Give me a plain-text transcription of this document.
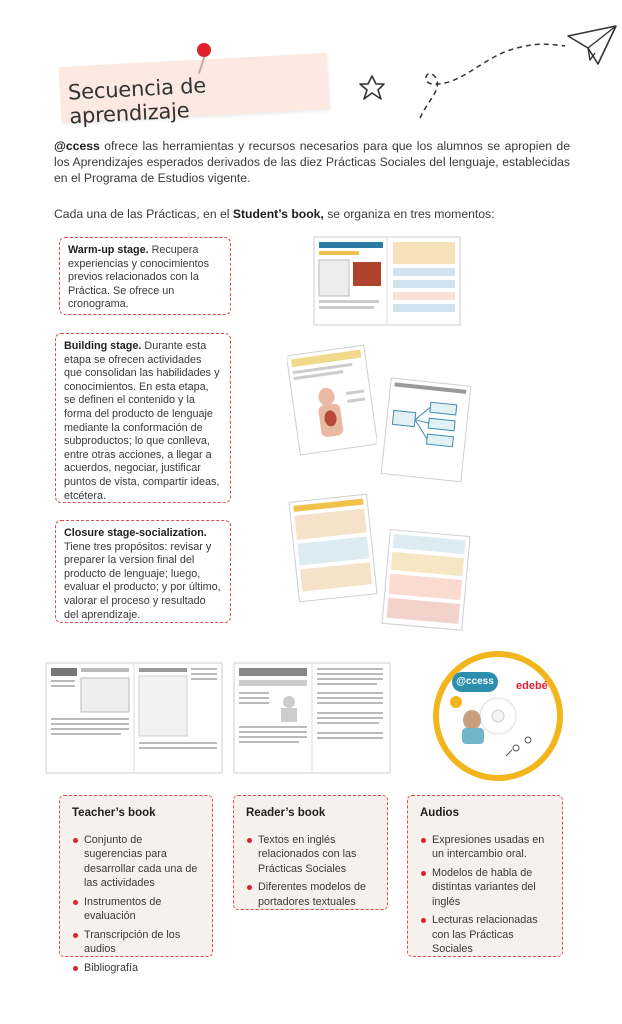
Secuencia de aprendizaje
@ccess ofrece las herramientas y recursos necesarios para que los alumnos se apropien de los Aprendizajes esperados derivados de las diez Prácticas Sociales del lenguaje, establecidas en el Programa de Estudios vigente.
Cada una de las Prácticas, en el Student’s book, se organiza en tres momentos:
Warm-up stage. Recupera experiencias y conocimientos previos relacionados con la Práctica. Se ofrece un cronograma.
Building stage. Durante esta etapa se ofrecen actividades que consolidan las habilidades y conocimientos. En esta etapa, se definen el contenido y la forma del producto de lenguaje mediante la conformación de subproductos; lo que conlleva, entre otras acciones, a llegar a acuerdos, negociar, justificar puntos de vista, compartir ideas, etcétera.
Closure stage-socialization. Tiene tres propósitos: revisar y preparer la version final del producto de lenguaje; luego, evaluar el producto; y por último, valorar el proceso y resultado del aprendizaje.
@ccess	edebé
Teacher’s book
Conjunto de sugerencias para desarrollar cada una de las actividades
Instrumentos de evaluación
Transcripción de los audios
Bibliografía
Reader’s book
Textos en inglés relacionados con las Prácticas Sociales
Diferentes modelos de portadores textuales
Audios
Expresiones usadas en un intercambio oral.
Modelos de habla de distintas variantes del inglés
Lecturas relacionadas con las Prácticas Sociales
